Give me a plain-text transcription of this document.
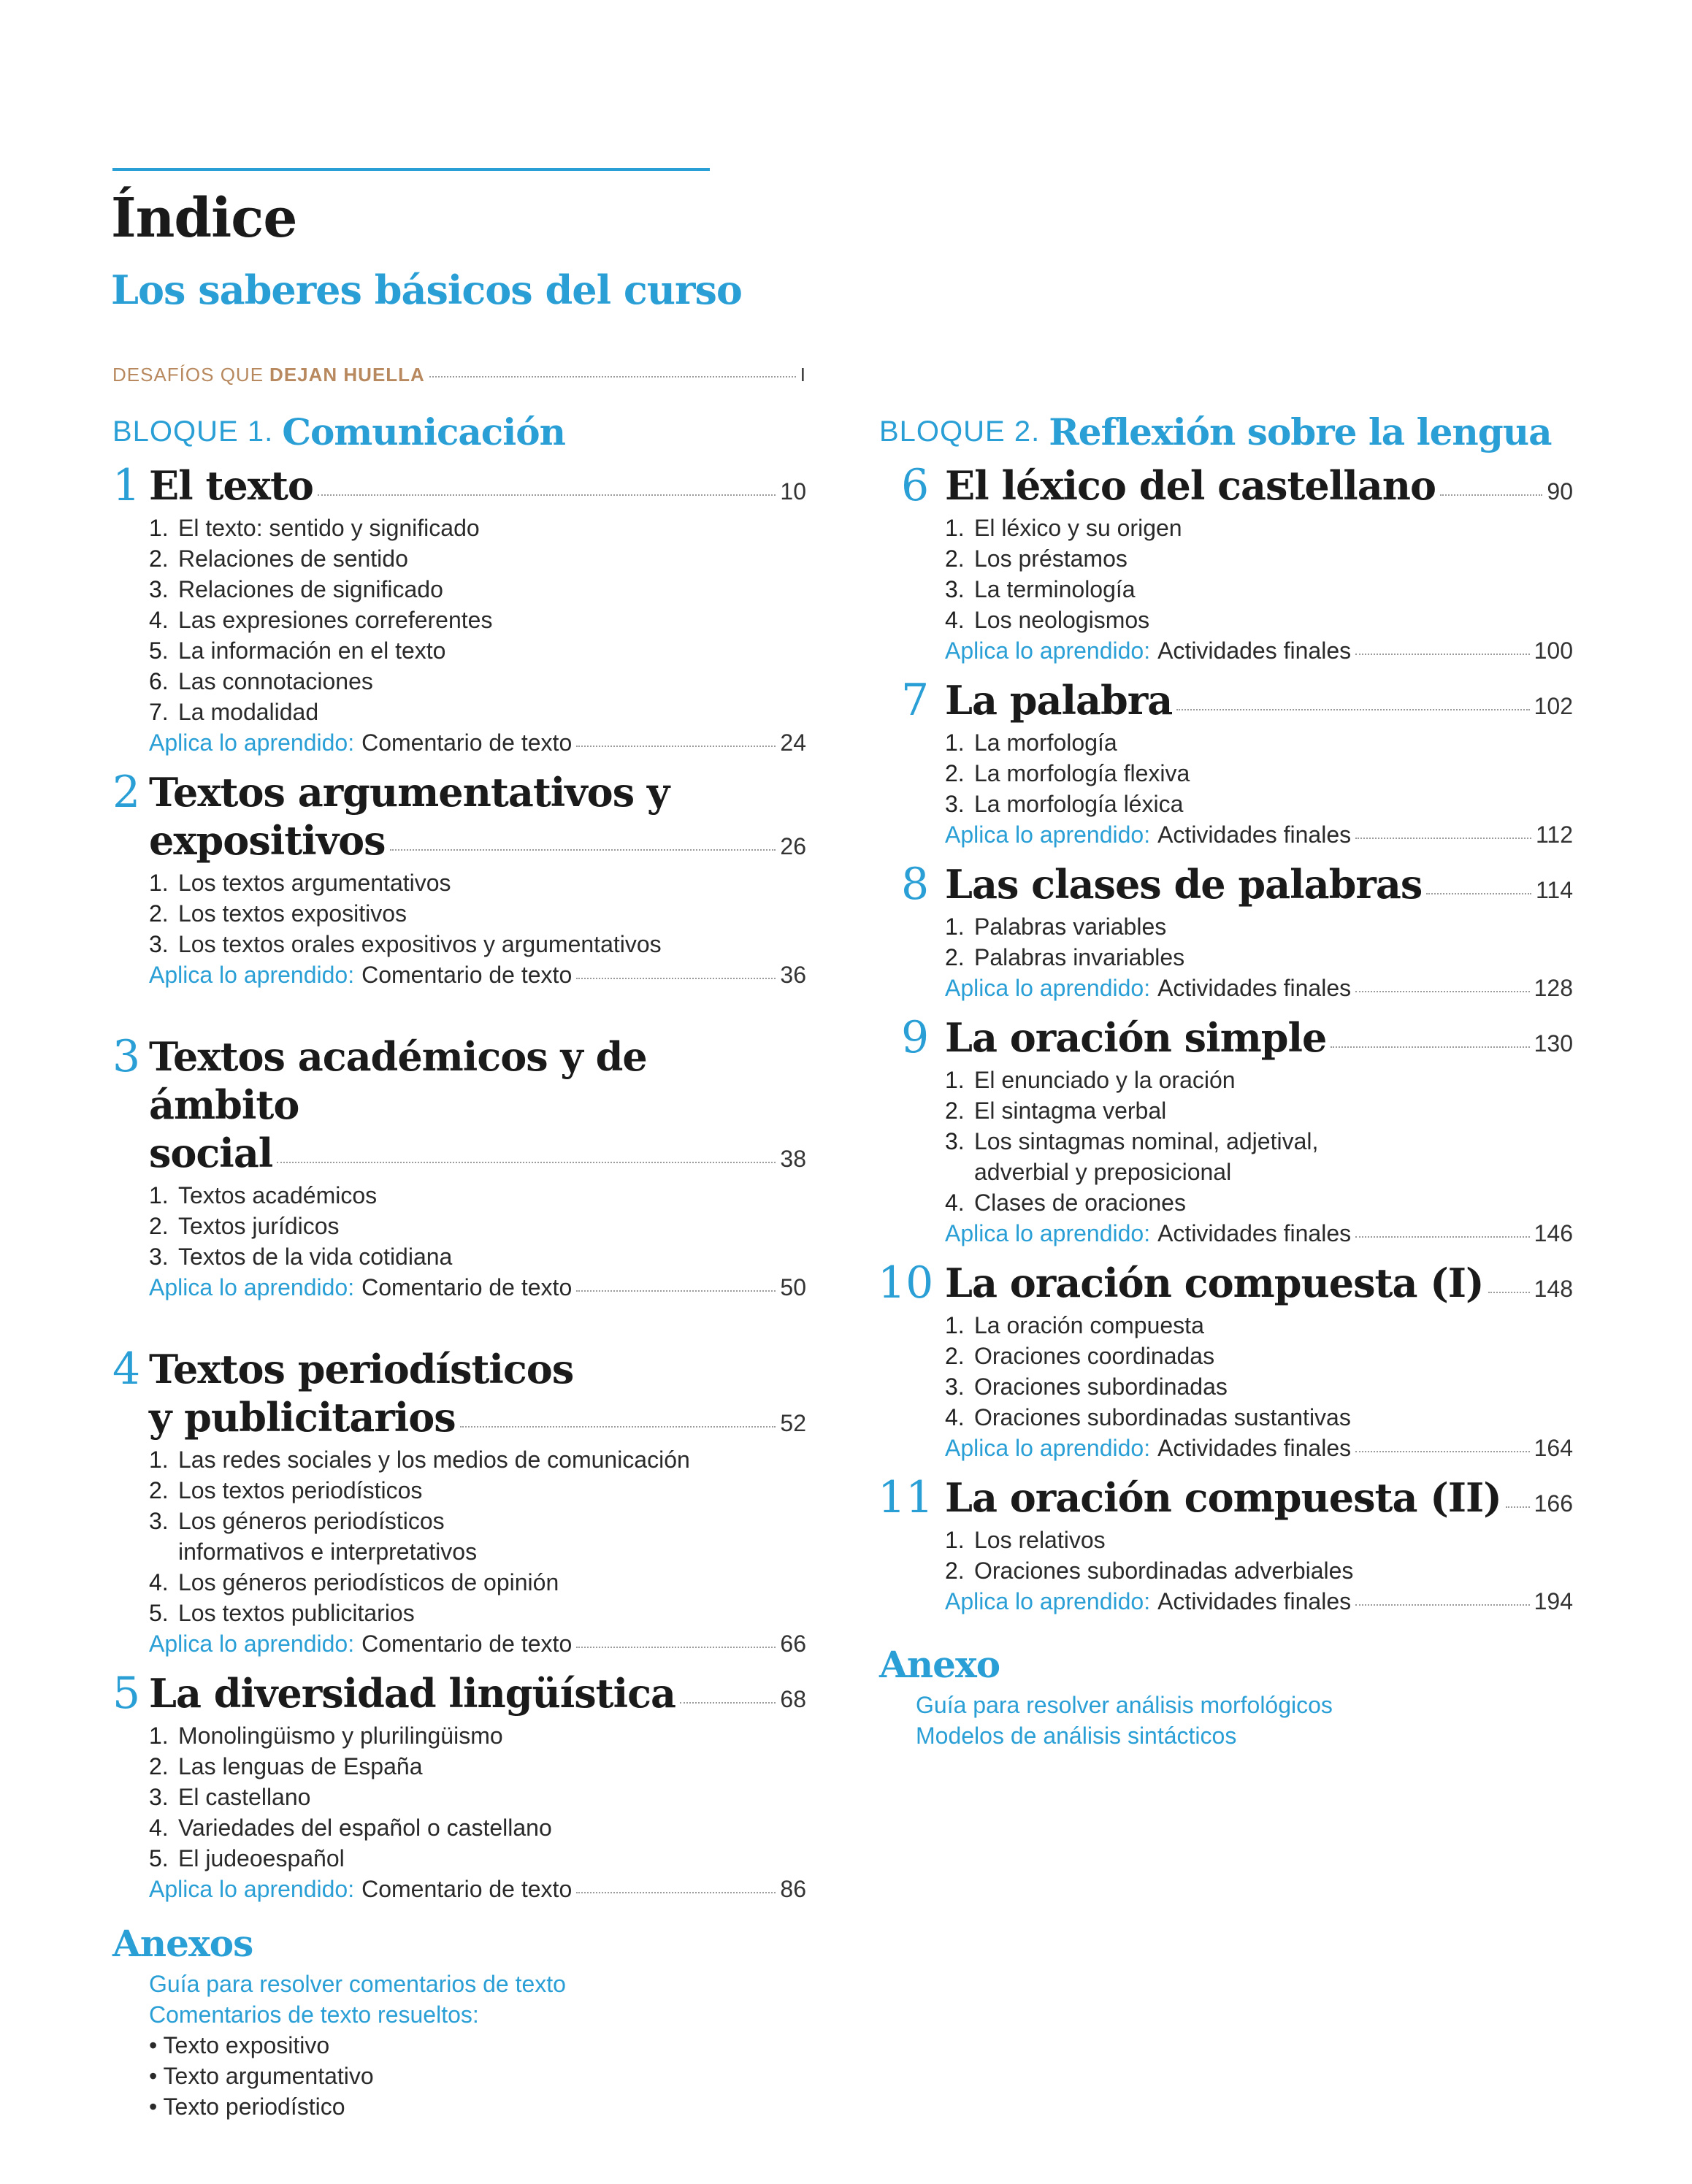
Índice
Los saberes básicos del curso
DESAFÍOS QUE DEJAN HUELLA	I
BLOQUE 1. Comunicación
1 El texto	10
1. El texto: sentido y significado
2. Relaciones de sentido
3. Relaciones de significado
4. Las expresiones correferentes
5. La información en el texto
6. Las connotaciones
7. La modalidad
Aplica lo aprendido: Comentario de texto	24
2 Textos argumentativos y
expositivos	26
1. Los textos argumentativos
2. Los textos expositivos
3. Los textos orales expositivos y argumentativos
Aplica lo aprendido: Comentario de texto	36
3 Textos académicos y de ámbito
social	38
1. Textos académicos
2. Textos jurídicos
3. Textos de la vida cotidiana
Aplica lo aprendido: Comentario de texto	50
4 Textos periodísticos
y publicitarios	52
1. Las redes sociales y los medios de comunicación
2. Los textos periodísticos
3. Los géneros periodísticos
informativos e interpretativos
4. Los géneros periodísticos de opinión
5. Los textos publicitarios
Aplica lo aprendido: Comentario de texto	66
5 La diversidad lingüística	68
1. Monolingüismo y plurilingüismo
2. Las lenguas de España
3. El castellano
4. Variedades del español o castellano
5. El judeoespañol
Aplica lo aprendido: Comentario de texto	86
Anexos
Guía para resolver comentarios de texto
Comentarios de texto resueltos:
• Texto expositivo
• Texto argumentativo
• Texto periodístico
BLOQUE 2. Reflexión sobre la lengua
6 El léxico del castellano	90
1. El léxico y su origen
2. Los préstamos
3. La terminología
4. Los neologismos
Aplica lo aprendido: Actividades finales	100
7 La palabra	102
1. La morfología
2. La morfología flexiva
3. La morfología léxica
Aplica lo aprendido: Actividades finales	112
8 Las clases de palabras	114
1. Palabras variables
2. Palabras invariables
Aplica lo aprendido: Actividades finales	128
9 La oración simple	130
1. El enunciado y la oración
2. El sintagma verbal
3. Los sintagmas nominal, adjetival,
adverbial y preposicional
4. Clases de oraciones
Aplica lo aprendido: Actividades finales	146
10 La oración compuesta (I) 148
1. La oración compuesta
2. Oraciones coordinadas
3. Oraciones subordinadas
4. Oraciones subordinadas sustantivas
Aplica lo aprendido: Actividades finales	164
11 La oración compuesta (II) 166
1. Los relativos
2. Oraciones subordinadas adverbiales
Aplica lo aprendido: Actividades finales	194
Anexo
Guía para resolver análisis morfológicos
Modelos de análisis sintácticos
